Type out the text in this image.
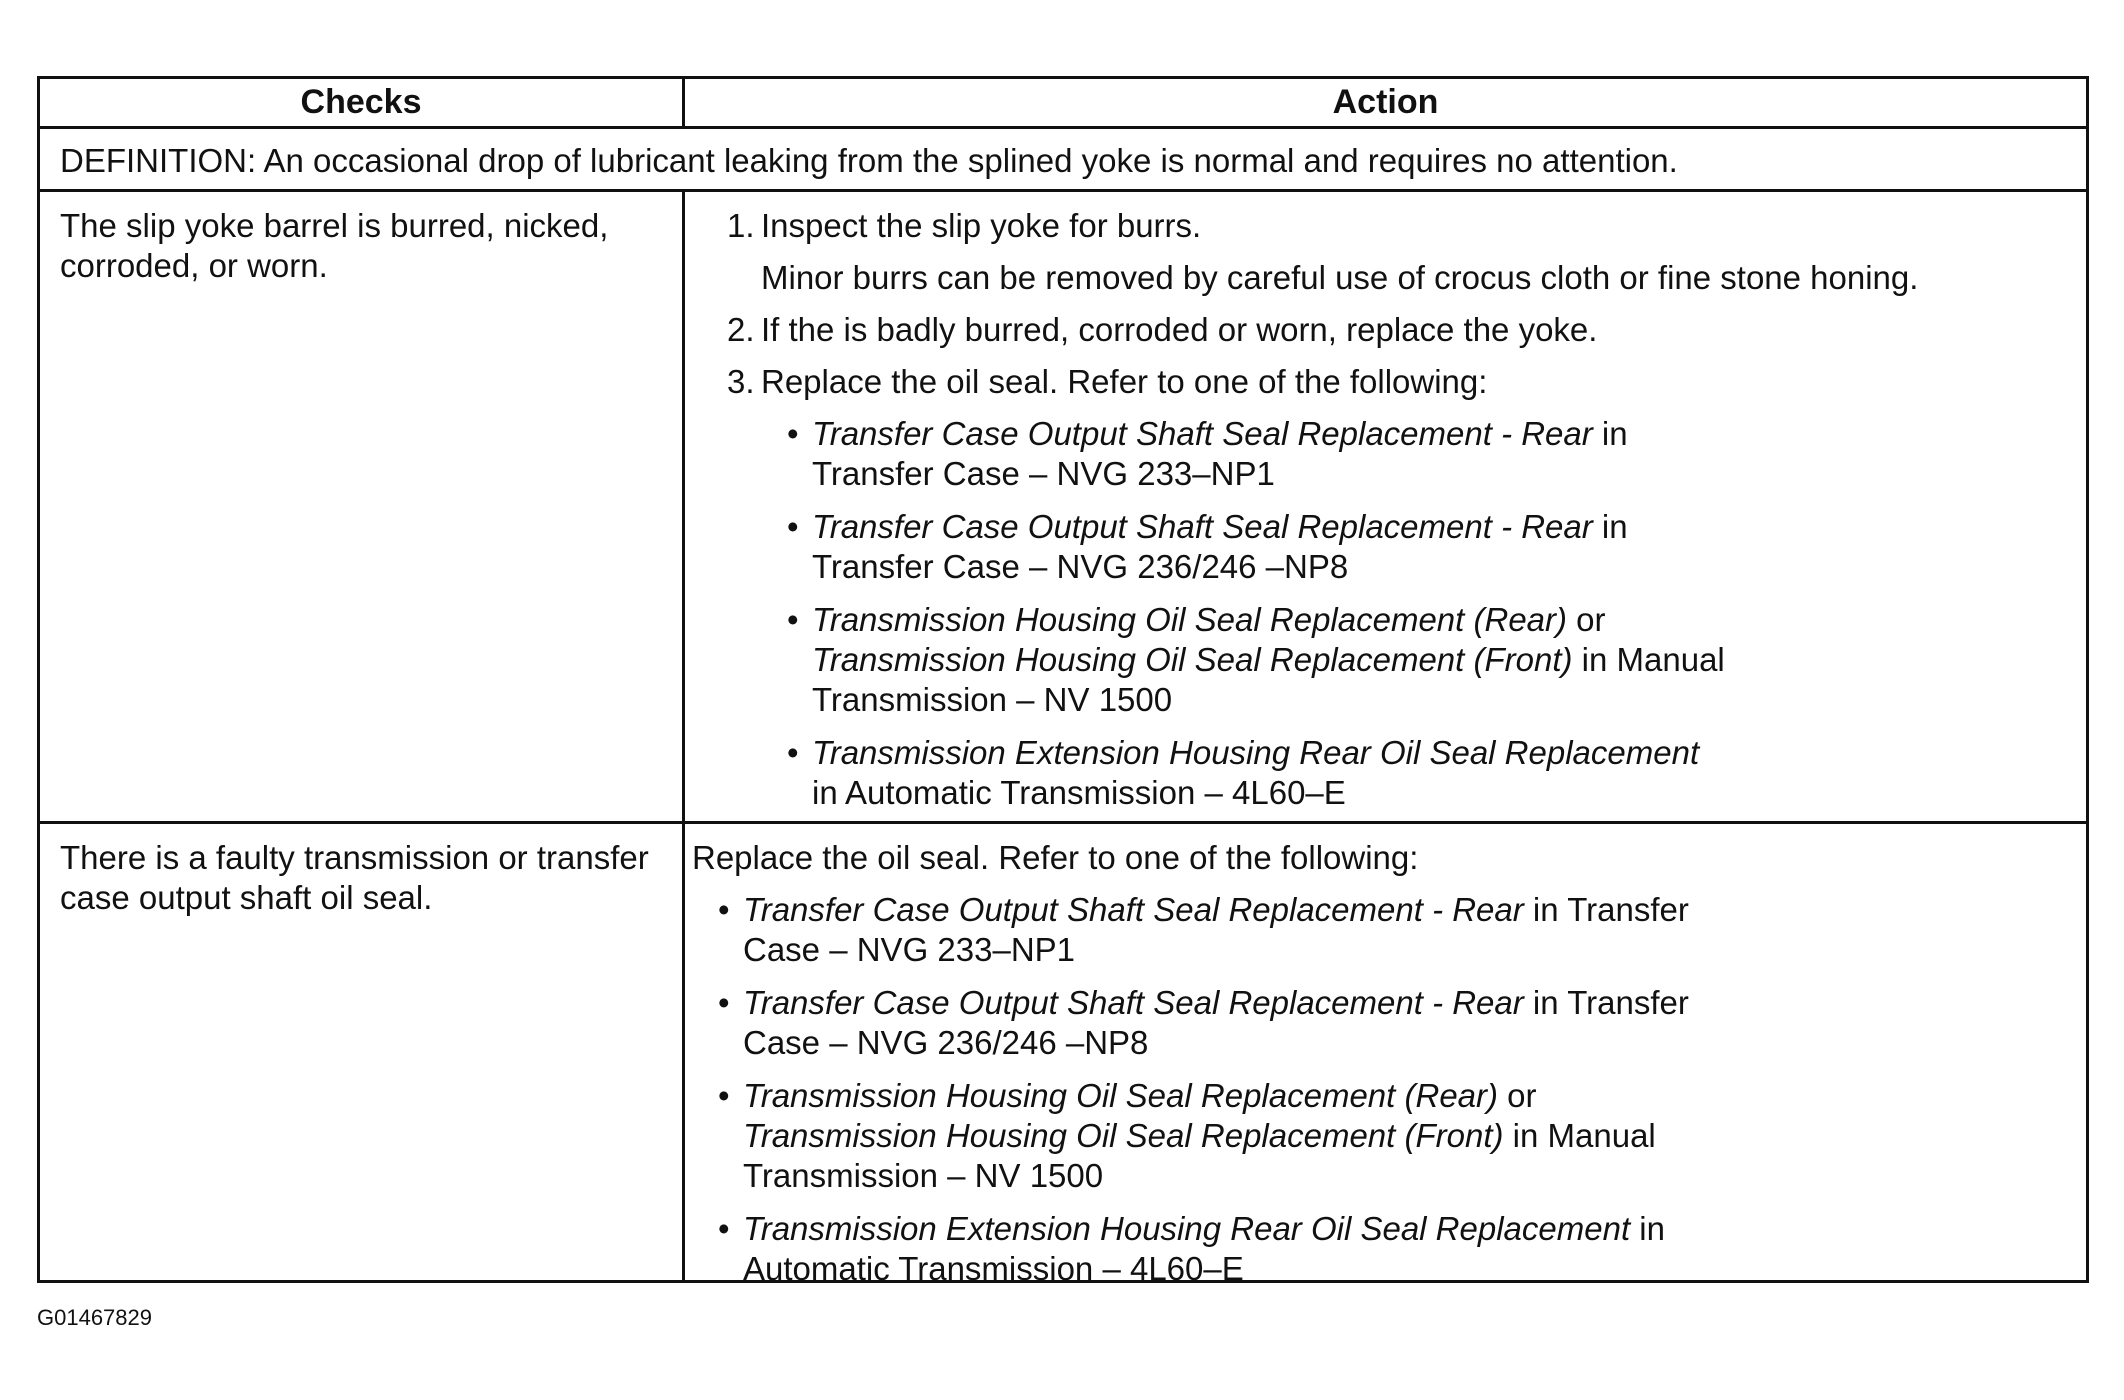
Checks	Action
DEFINITION: An occasional drop of lubricant leaking from the splined yoke is normal and requires no attention.
The slip yoke barrel is burred, nicked, corroded, or worn.
1. Inspect the slip yoke for burrs.
Minor burrs can be removed by careful use of crocus cloth or fine stone honing.
2. If the is badly burred, corroded or worn, replace the yoke.
3. Replace the oil seal. Refer to one of the following:
• Transfer Case Output Shaft Seal Replacement - Rear in
Transfer Case – NVG 233–NP1
• Transfer Case Output Shaft Seal Replacement - Rear in
Transfer Case – NVG 236/246 –NP8
• Transmission Housing Oil Seal Replacement (Rear) or
Transmission Housing Oil Seal Replacement (Front) in Manual
Transmission – NV 1500
• Transmission Extension Housing Rear Oil Seal Replacement
in Automatic Transmission – 4L60–E
There is a faulty transmission or transfer case output shaft oil seal.
Replace the oil seal. Refer to one of the following:
• Transfer Case Output Shaft Seal Replacement - Rear in Transfer
Case – NVG 233–NP1
• Transfer Case Output Shaft Seal Replacement - Rear in Transfer
Case – NVG 236/246 –NP8
• Transmission Housing Oil Seal Replacement (Rear) or
Transmission Housing Oil Seal Replacement (Front) in Manual
Transmission – NV 1500
• Transmission Extension Housing Rear Oil Seal Replacement in
Automatic Transmission – 4L60–E
G01467829
